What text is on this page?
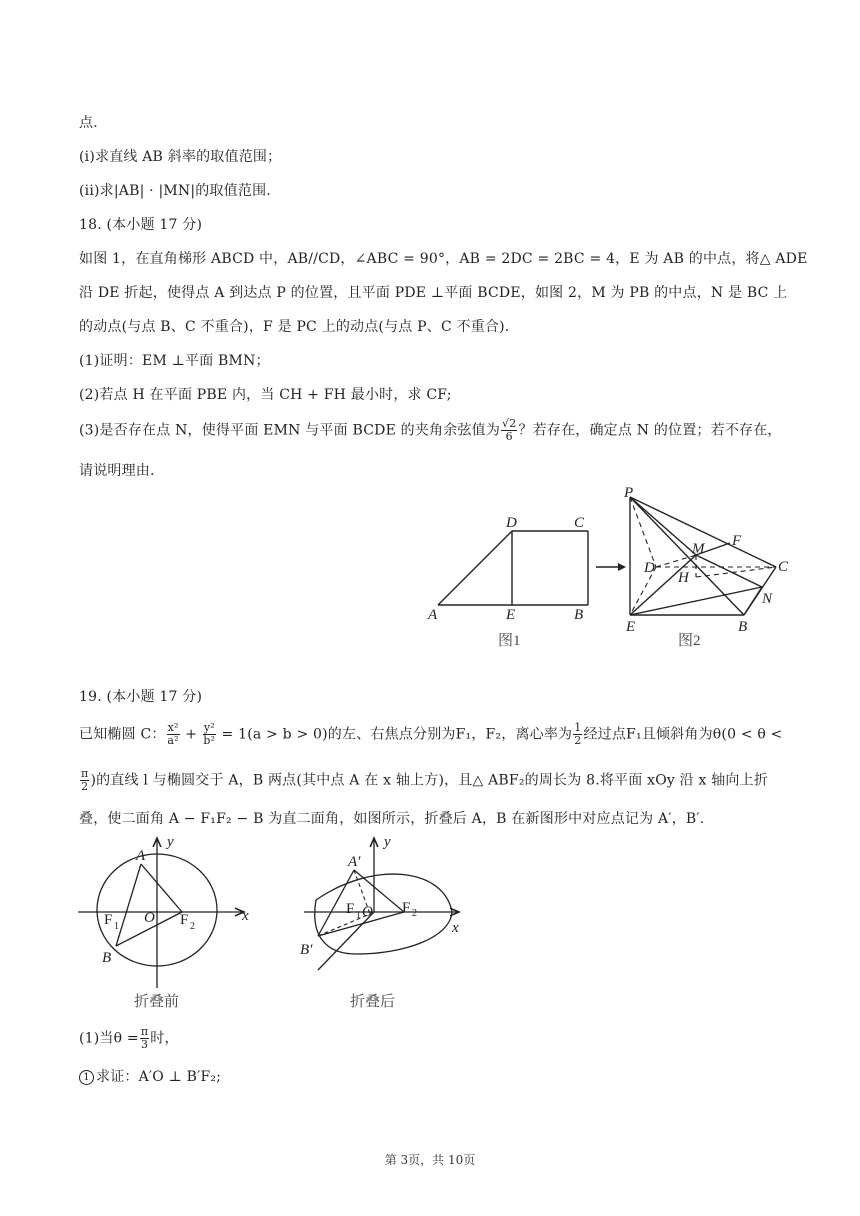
点.
(i)求直线 AB 斜率的取值范围；
(ii)求|AB| · |MN|的取值范围.
18. (本小题 17 分)
如图 1，在直角梯形 ABCD 中，AB//CD，∠ABC = 90°，AB = 2DC = 2BC = 4，E 为 AB 的中点，将△ ADE
沿 DE 折起，使得点 A 到达点 P 的位置，且平面 PDE ⊥平面 BCDE，如图 2，M 为 PB 的中点，N 是 BC 上
的动点(与点 B、C 不重合)，F 是 PC 上的动点(与点 P、C 不重合).
(1)证明：EM ⊥平面 BMN；
(2)若点 H 在平面 PBE 内，当 CH + FH 最小时，求 CF;
(3)是否存在点 N，使得平面 EMN 与平面 BCDE 的夹角余弦值为 $\frac{√2}{6}$ ？若存在，确定点 N 的位置；若不存在，
请说明理由.
A	E	B
D	C
P
M F
D
H
C
N
E	B
图1	图2
19. (本小题 17 分)
已知椭圆 C： $\frac{\text{x²}}{\text{a²}} + \frac{\text{y²}}{\text{b²}} = 1(a > b > 0)$的左、右焦点分别为F₁，F₂，离心率为 $\frac{1}{2}$ 经过点F₁且倾斜角为θ(0 < θ <
$\frac{\pi}{2}$ )的直线 l 与椭圆交于 A，B 两点(其中点 A 在 x 轴上方)，且△ ABF₂的周长为 8.将平面 xOy 沿 x 轴向上折
叠，使二面角 A − F₁F₂ − B 为直二面角，如图所示，折叠后 A，B 在新图形中对应点记为 A′，B′.
y
A
F 1
O F 2
x
B
y
A′
F 1 O F 2
x
B′
折叠前	折叠后
(1)当$\theta = \frac{\pi}{3}$ 时，
1 求证：A′O ⊥ B′F₂;
第 3页，共 10页
